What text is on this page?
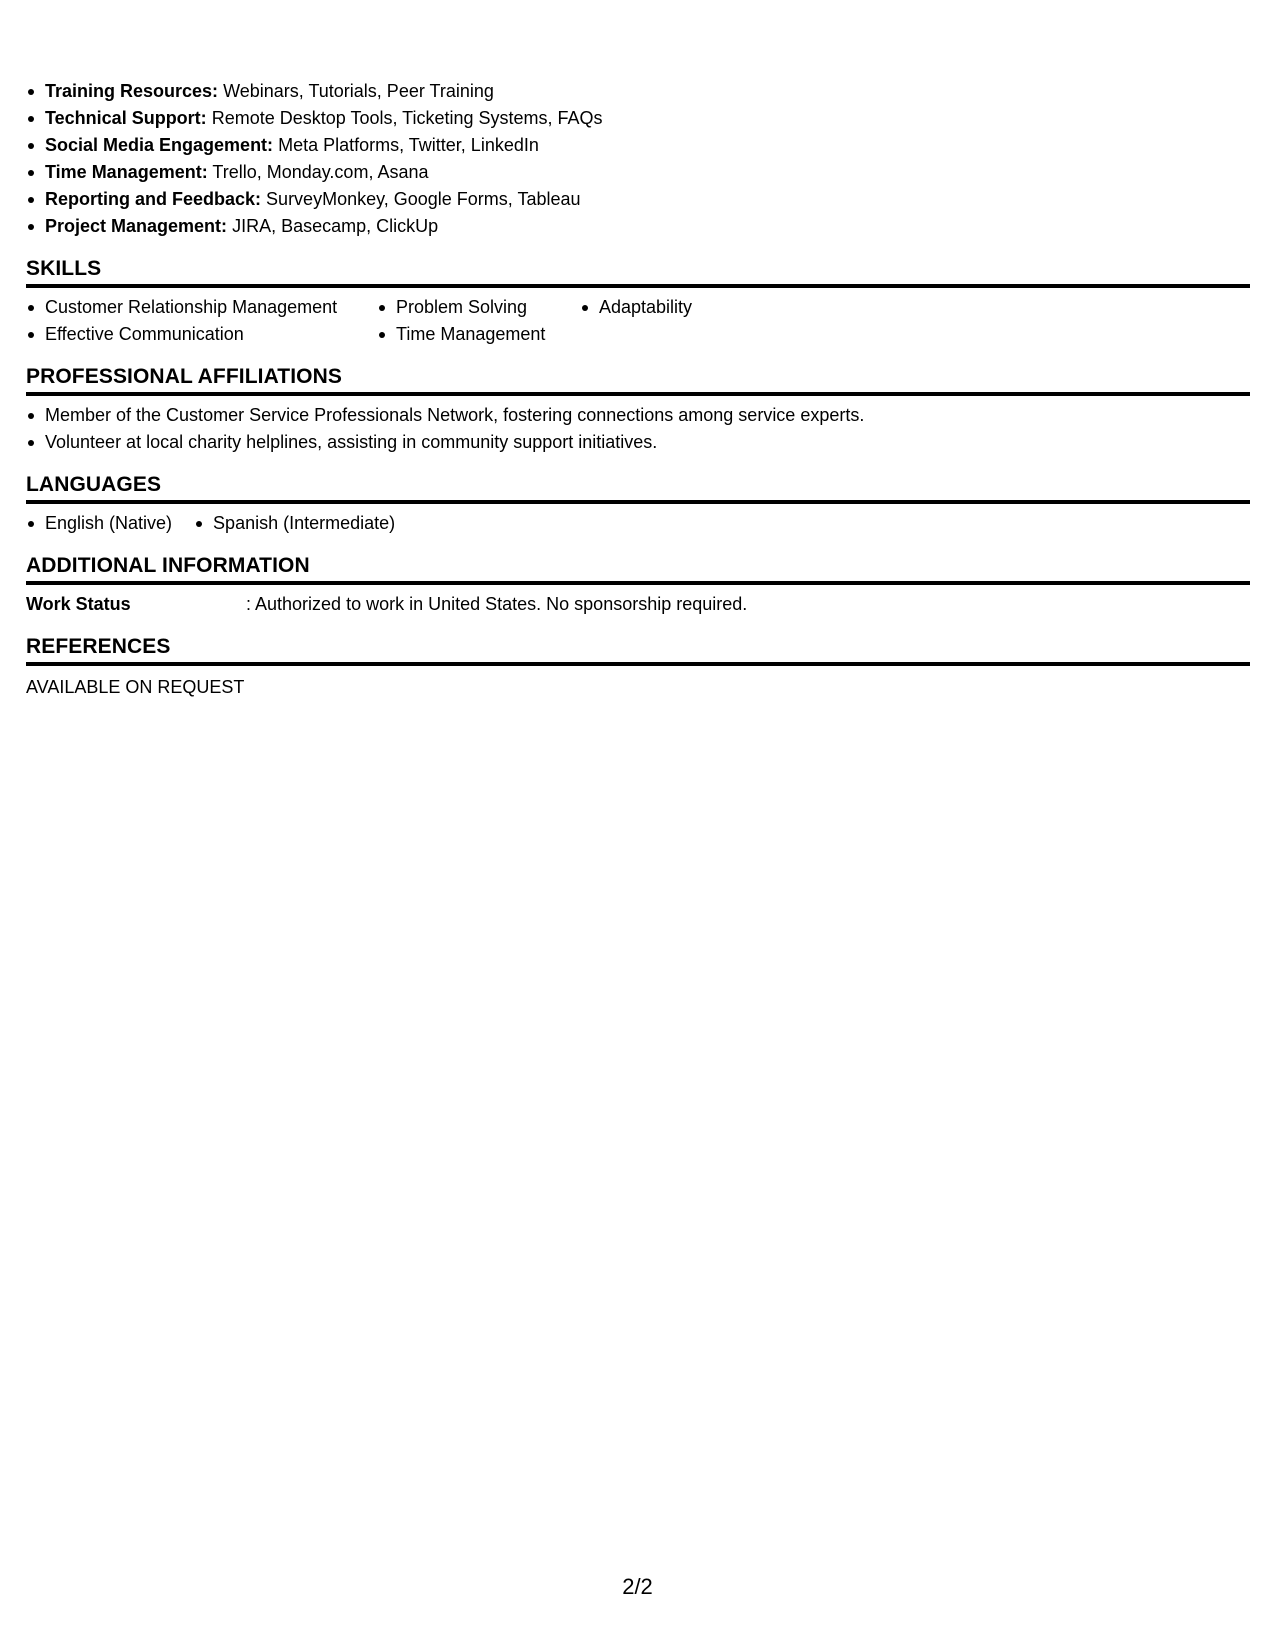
Training Resources: Webinars, Tutorials, Peer Training
Technical Support: Remote Desktop Tools, Ticketing Systems, FAQs
Social Media Engagement: Meta Platforms, Twitter, LinkedIn
Time Management: Trello, Monday.com, Asana
Reporting and Feedback: SurveyMonkey, Google Forms, Tableau
Project Management: JIRA, Basecamp, ClickUp
SKILLS
Customer Relationship Management
Effective Communication
Problem Solving
Time Management
Adaptability
PROFESSIONAL AFFILIATIONS
Member of the Customer Service Professionals Network, fostering connections among service experts.
Volunteer at local charity helplines, assisting in community support initiatives.
LANGUAGES
English (Native)	Spanish (Intermediate)
ADDITIONAL INFORMATION
Work Status	: Authorized to work in United States. No sponsorship required.
REFERENCES
AVAILABLE ON REQUEST
2/2
